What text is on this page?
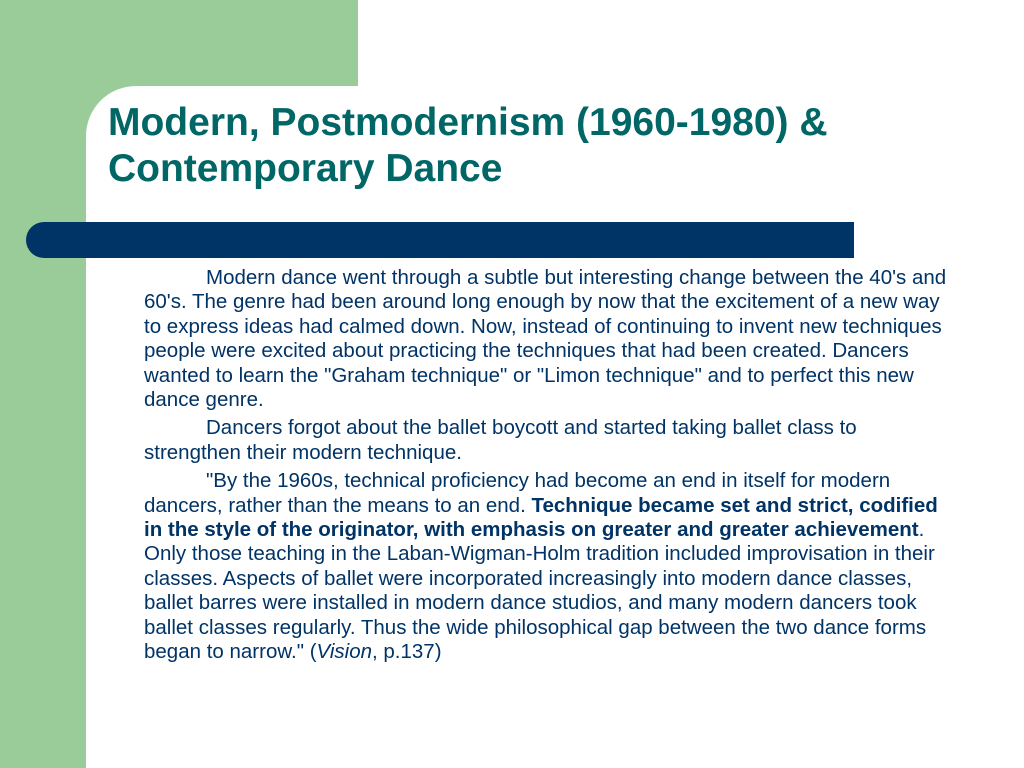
Modern, Postmodernism (1960-1980) &
Contemporary Dance

Modern dance went through a subtle but interesting change between the 40's and 60's. The genre had been around long enough by now that the excitement of a new way to express ideas had calmed down. Now, instead of continuing to invent new techniques people were excited about practicing the techniques that had been created. Dancers wanted to learn the "Graham technique" or "Limon technique" and to perfect this new dance genre.

Dancers forgot about the ballet boycott and started taking ballet class to strengthen their modern technique.

"By the 1960s, technical proficiency had become an end in itself for modern dancers, rather than the means to an end. Technique became set and strict, codified in the style of the originator, with emphasis on greater and greater achievement. Only those teaching in the Laban-Wigman-Holm tradition included improvisation in their classes. Aspects of ballet were incorporated increasingly into modern dance classes, ballet barres were installed in modern dance studios, and many modern dancers took ballet classes regularly. Thus the wide philosophical gap between the two dance forms began to narrow." (Vision, p.137)
